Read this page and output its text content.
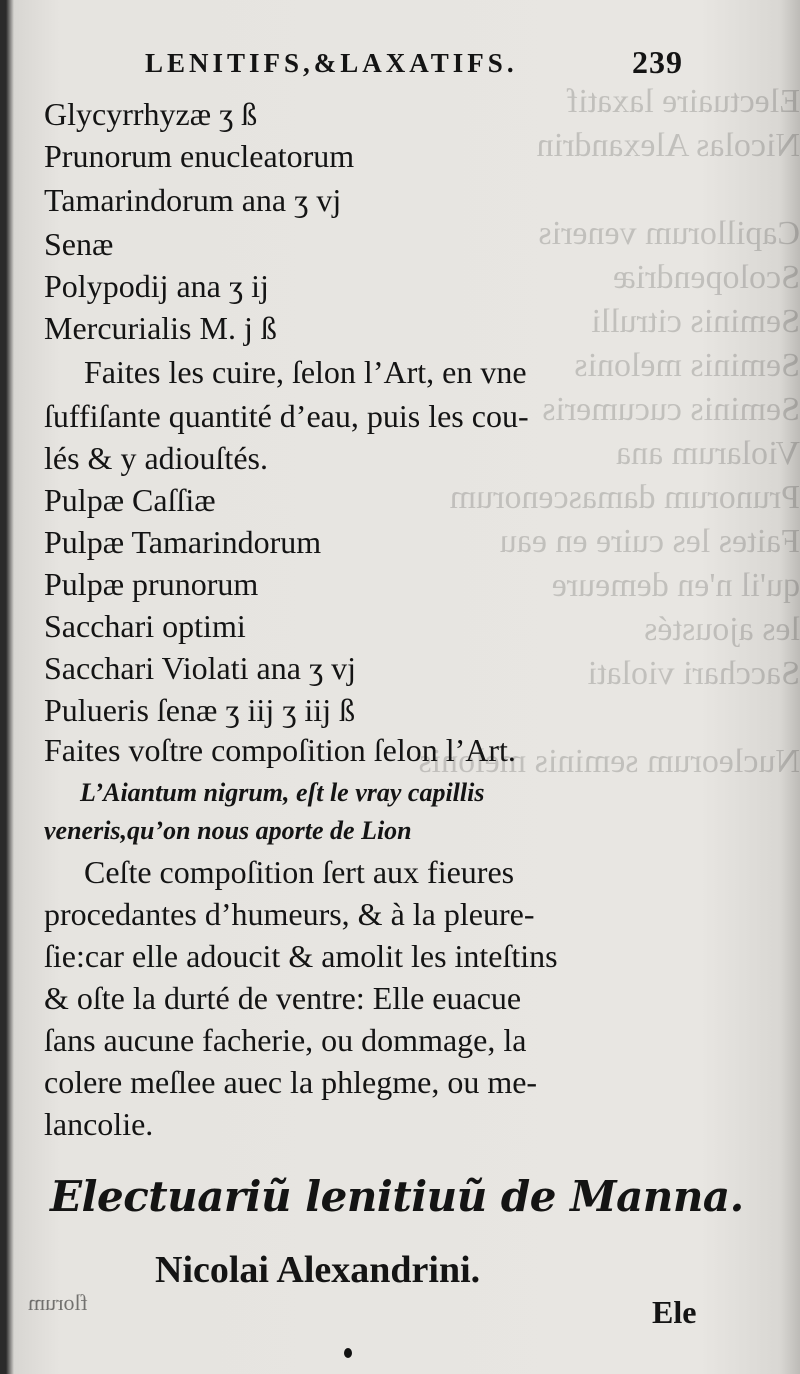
Electuaire laxatif
Nicolas Alexandrin

Capillorum veneris
Scolopendriæ
Seminis citrulli
Seminis melonis
Seminis cucumeris
Violarum ana
Prunorum damascenorum
Faites les cuire en eau
qu'il n'en demeure
les ajoustés
Sacchari violati

Nucleorum seminis melonis
LENITIFS,&LAXATIFS.	239
Glycyrrhyzæ ʒ ß
Prunorum enucleatorum
Tamarindorum ana ʒ vj
Senæ
Polypodij ana ʒ ij
Mercurialis M. j ß
Faites les cuire, ſelon l’Art, en vne
ſuffiſante quantité d’eau, puis les cou-
lés & y adiouſtés.
Pulpæ Caſſiæ
Pulpæ Tamarindorum
Pulpæ prunorum
Sacchari optimi
Sacchari Violati ana ʒ vj
Pulueris ſenæ ʒ iij ʒ iij ß
Faites voſtre compoſition ſelon l’Art.
L’Aiantum nigrum, eſt le vray capillis
veneris,qu’on nous aporte de Lion
Ceſte compoſition ſert aux fieures
procedantes d’humeurs, & à la pleure-
ſie:car elle adoucit & amolit les inteſtins
& oſte la durté de ventre: Elle euacue
ſans aucune facherie, ou dommage, la
colere meſlee auec la phlegme, ou me-
lancolie.
Electuariũ lenitiuũ de Manna.
Nicolai Alexandrini.
florum	Ele
